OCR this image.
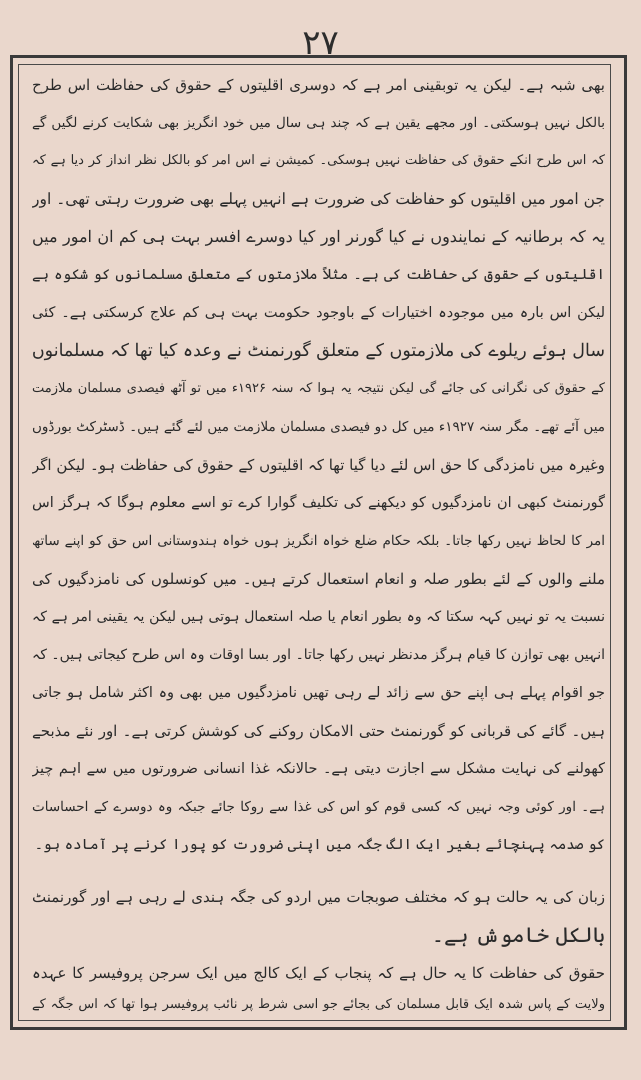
۲۷
بھی شبہ ہے۔ لیکن یہ توبقینی امر ہے کہ دوسری اقلیتوں کے حقوق کی حفاظت اس طرح
بالکل نہیں ہوسکتی۔ اور مجھے یقین ہے کہ چند ہی سال میں خود انگریز بھی شکایت کرنے لگیں گے
کہ اس طرح انکے حقوق کی حفاظت نہیں ہوسکی۔ کمیشن نے اس امر کو بالکل نظر انداز کر دیا ہے کہ
جن امور میں اقلیتوں کو حفاظت کی ضرورت ہے انہیں پہلے بھی ضرورت رہتی تھی۔ اور
یہ کہ برطانیہ کے نمایندوں نے کیا گورنر اور کیا دوسرے افسر بہت ہی کم ان امور میں
اقلیتوں کے حقوق کی حفاظت کی ہے۔ مثلاً ملازمتوں کے متعلق مسلمانوں کو شکوہ ہے
لیکن اس بارہ میں موجودہ اختیارات کے باوجود حکومت بہت ہی کم علاج کرسکتی ہے۔ کئی
سال ہوئے ریلوے کی ملازمتوں کے متعلق گورنمنٹ نے وعدہ کیا تھا کہ مسلمانوں
کے حقوق کی نگرانی کی جائے گی لیکن نتیجہ یہ ہوا کہ سنہ ۱۹۲۶ء میں تو آٹھ فیصدی مسلمان ملازمت
میں آئے تھے۔ مگر سنہ ۱۹۲۷ء میں کل دو فیصدی مسلمان ملازمت میں لئے گئے ہیں۔ ڈسٹرکٹ بورڈوں
وغیرہ میں نامزدگی کا حق اس لئے دیا گیا تھا کہ اقلیتوں کے حقوق کی حفاظت ہو۔ لیکن اگر
گورنمنٹ کبھی ان نامزدگیوں کو دیکھنے کی تکلیف گوارا کرے تو اسے معلوم ہوگا کہ ہرگز اس
امر کا لحاظ نہیں رکھا جاتا۔ بلکہ حکام ضلع خواہ انگریز ہوں خواہ ہندوستانی اس حق کو اپنے ساتھ
ملنے والوں کے لئے بطور صلہ و انعام استعمال کرتے ہیں۔ میں کونسلوں کی نامزدگیوں کی
نسبت یہ تو نہیں کہہ سکتا کہ وہ بطور انعام یا صلہ استعمال ہوتی ہیں لیکن یہ یقینی امر ہے کہ
انہیں بھی توازن کا قیام ہرگز مدنظر نہیں رکھا جاتا۔ اور بسا اوقات وہ اس طرح کیجاتی ہیں۔ کہ
جو اقوام پہلے ہی اپنے حق سے زائد لے رہی تھیں نامزدگیوں میں بھی وہ اکثر شامل ہو جاتی
ہیں۔ گائے کی قربانی کو گورنمنٹ حتی الامکان روکنے کی کوشش کرتی ہے۔ اور نئے مذبحے
کھولنے کی نہایت مشکل سے اجازت دیتی ہے۔ حالانکہ غذا انسانی ضرورتوں میں سے اہم چیز
ہے۔ اور کوئی وجہ نہیں کہ کسی قوم کو اس کی غذا سے روکا جائے جبکہ وہ دوسرے کے احساسات
کو صدمہ پہنچائے بغیر ایک الگ جگہ میں اپنی ضرورت کو پورا کرنے پر آمادہ ہو۔
زبان کی یہ حالت ہو کہ مختلف صوبجات میں اردو کی جگہ ہندی لے رہی ہے اور گورنمنٹ
بالکل خاموش ہے۔
حقوق کی حفاظت کا یہ حال ہے کہ پنجاب کے ایک کالج میں ایک سرجن پروفیسر کا عہدہ
ولایت کے پاس شدہ ایک قابل مسلمان کی بجائے جو اسی شرط پر نائب پروفیسر ہوا تھا کہ اس جگہ کے
